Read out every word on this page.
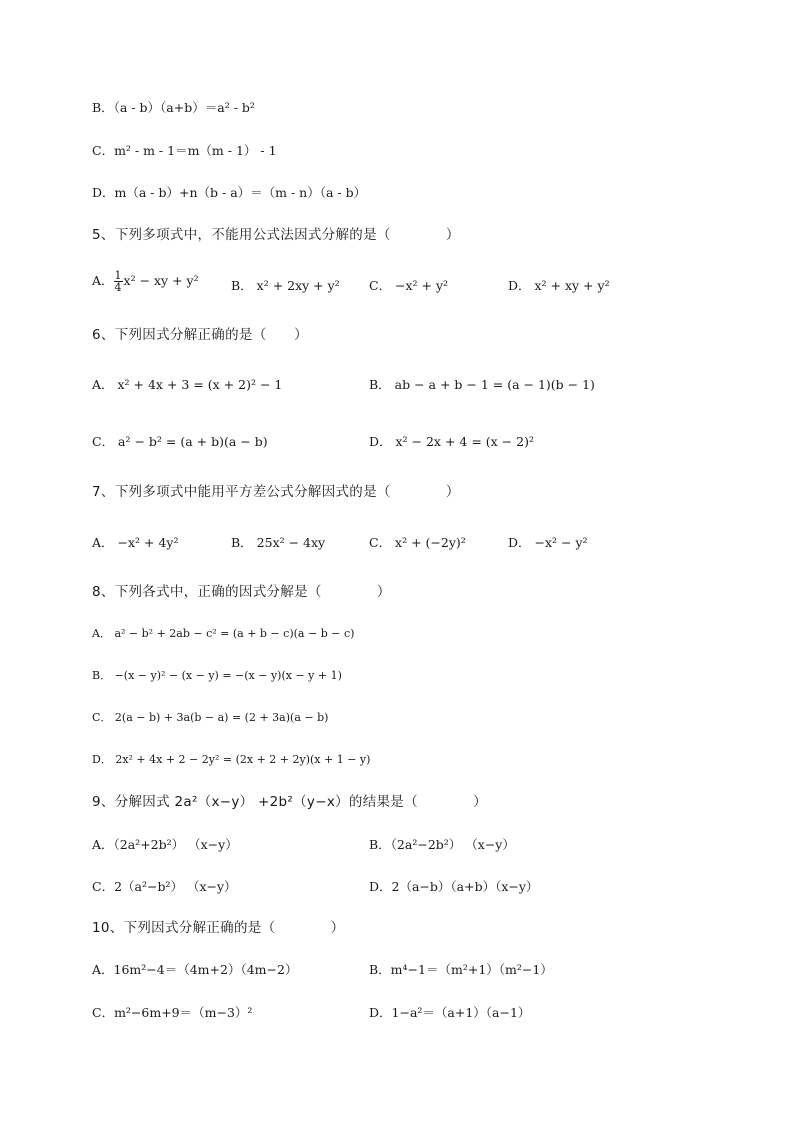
B．（a - b）（a+b）＝a² - b²
C．m² - m - 1＝m（m - 1） - 1
D．m（a - b）+n（b - a）＝（m - n）（a - b）
5、下列多项式中，不能用公式法因式分解的是（　　　　）
A． $\frac{1}{4} x^2$ − xy + y²	B． x² + 2xy + y² C． −x² + y²	D． x² + xy + y²
6、下列因式分解正确的是（　　）
A． x² + 4x + 3 = (x + 2)² − 1	B． ab − a + b − 1 = (a − 1)(b − 1)
C． a² − b² = (a + b)(a − b)	D． x² − 2x + 4 = (x − 2)²
7、下列多项式中能用平方差公式分解因式的是（　　　　）
A． −x² + 4y²	B． 25x² − 4xy	C． x² + (−2y)²	D． −x² − y²
8、下列各式中，正确的因式分解是（　　　　）
A． a² − b² + 2ab − c² = (a + b − c)(a − b − c)
B． −(x − y)² − (x − y) = −(x − y)(x − y + 1)
C． 2(a − b) + 3a(b − a) = (2 + 3a)(a − b)
D． 2x² + 4x + 2 − 2y² = (2x + 2 + 2y)(x + 1 − y)
9、分解因式 2a²（x−y） +2b²（y−x）的结果是（　　　　）
A．（2a²+2b²） （x−y）	B．（2a²−2b²） （x−y）
C．2（a²−b²） （x−y）	D．2（a−b）（a+b）（x−y）
10、下列因式分解正确的是（　　　　）
A．16m²−4＝（4m+2）（4m−2）	B．m⁴−1＝（m²+1）（m²−1）
C．m²−6m+9＝（m−3）²	D．1−a²＝（a+1）（a−1）
